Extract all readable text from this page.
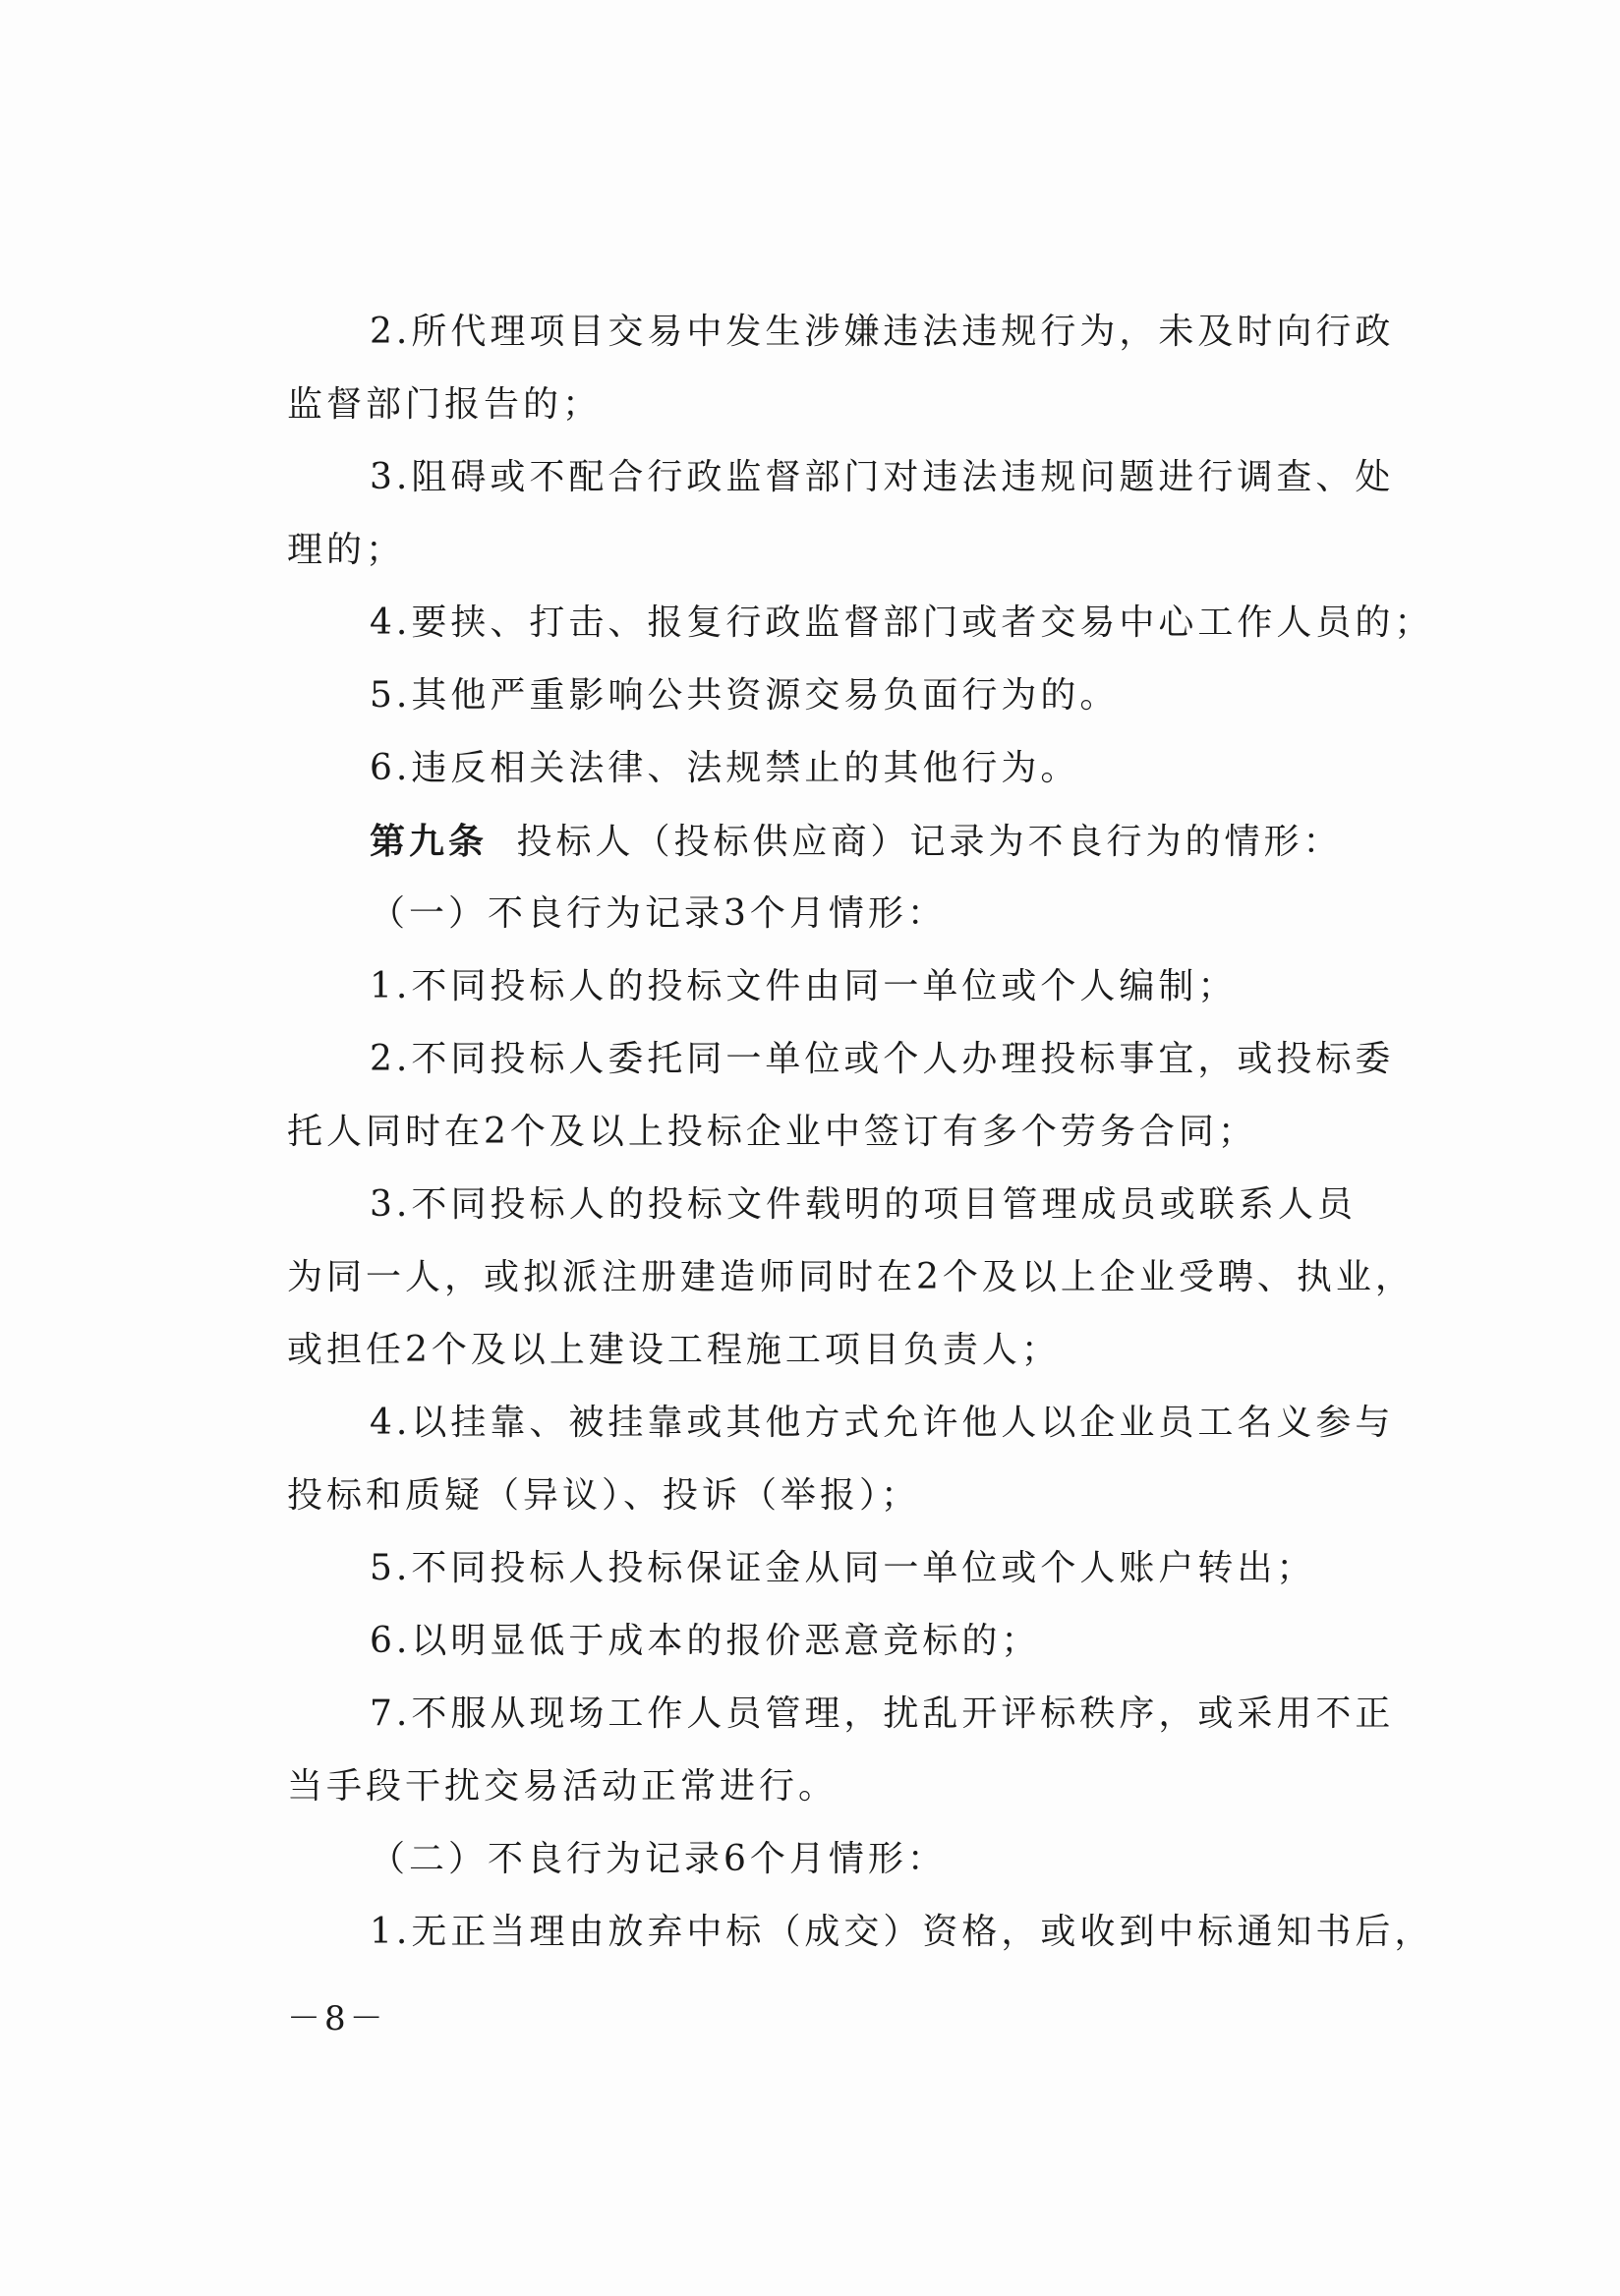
2.所代理项目交易中发生涉嫌违法违规行为，未及时向行政
监督部门报告的；
3.阻碍或不配合行政监督部门对违法违规问题进行调查、处
理的；
4.要挟、打击、报复行政监督部门或者交易中心工作人员的；
5.其他严重影响公共资源交易负面行为的。
6.违反相关法律、法规禁止的其他行为。
第九条 投标人（投标供应商）记录为不良行为的情形：
（一）不良行为记录3个月情形：
1.不同投标人的投标文件由同一单位或个人编制；
2.不同投标人委托同一单位或个人办理投标事宜，或投标委
托人同时在2个及以上投标企业中签订有多个劳务合同；
3.不同投标人的投标文件载明的项目管理成员或联系人员
为同一人，或拟派注册建造师同时在2个及以上企业受聘、执业，
或担任2个及以上建设工程施工项目负责人；
4.以挂靠、被挂靠或其他方式允许他人以企业员工名义参与
投标和质疑（异议）、投诉（举报）；
5.不同投标人投标保证金从同一单位或个人账户转出；
6.以明显低于成本的报价恶意竞标的；
7.不服从现场工作人员管理，扰乱开评标秩序，或采用不正
当手段干扰交易活动正常进行。
（二）不良行为记录6个月情形：
1.无正当理由放弃中标（成交）资格，或收到中标通知书后，
－8－
